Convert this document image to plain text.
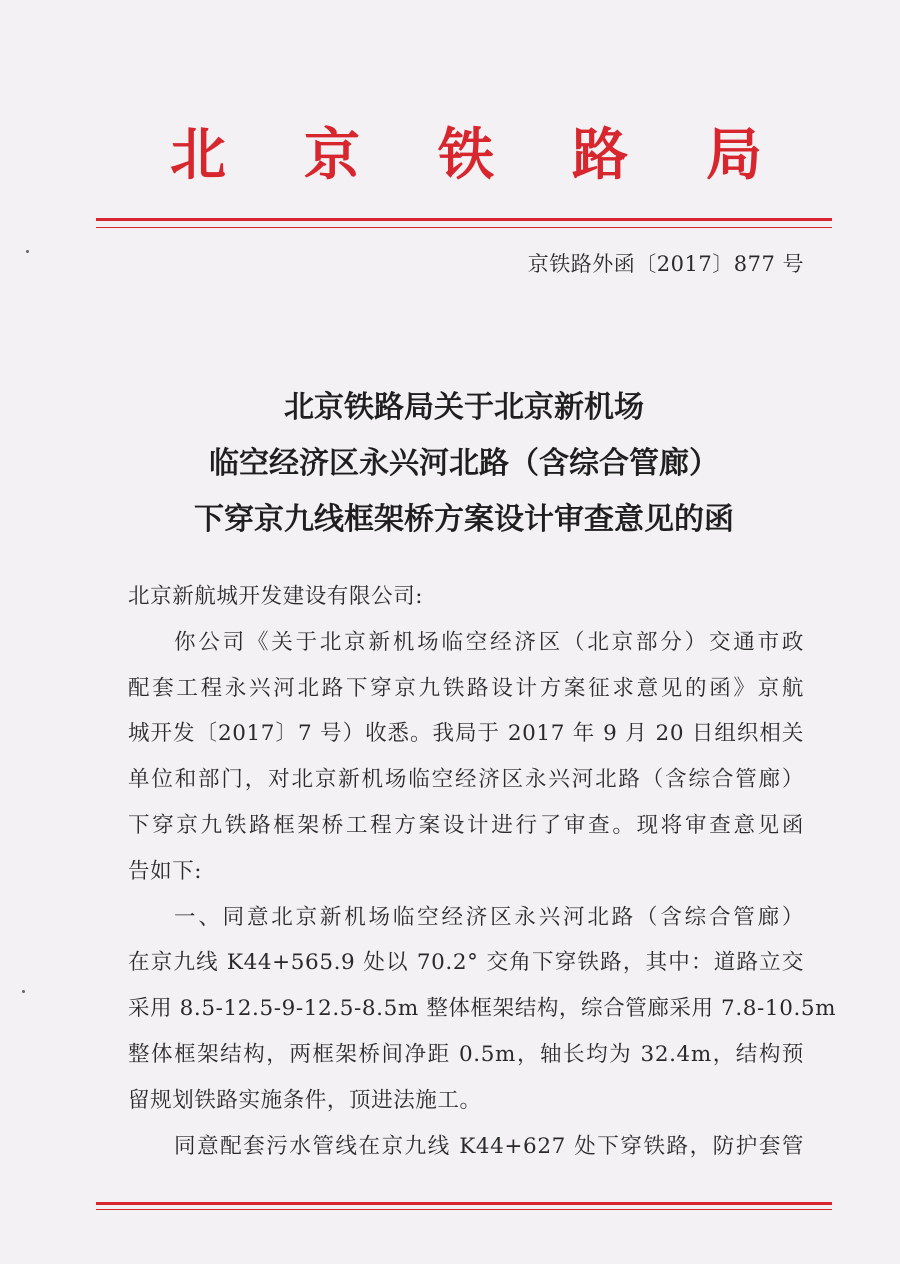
北 京 铁 路 局
京铁路外函〔2017〕877 号
北京铁路局关于北京新机场
临空经济区永兴河北路（含综合管廊）
下穿京九线框架桥方案设计审查意见的函
北京新航城开发建设有限公司:
你公司《关于北京新机场临空经济区（北京部分）交通市政
配套工程永兴河北路下穿京九铁路设计方案征求意见的函》京航
城开发〔2017〕7 号）收悉。我局于 2017 年 9 月 20 日组织相关
单位和部门，对北京新机场临空经济区永兴河北路（含综合管廊）
下穿京九铁路框架桥工程方案设计进行了审查。现将审查意见函
告如下:
一、同意北京新机场临空经济区永兴河北路（含综合管廊）
在京九线 K44+565.9 处以 70.2° 交角下穿铁路，其中：道路立交
采用 8.5-12.5-9-12.5-8.5m 整体框架结构，综合管廊采用 7.8-10.5m
整体框架结构，两框架桥间净距 0.5m，轴长均为 32.4m，结构预
留规划铁路实施条件，顶进法施工。
同意配套污水管线在京九线 K44+627 处下穿铁路，防护套管
